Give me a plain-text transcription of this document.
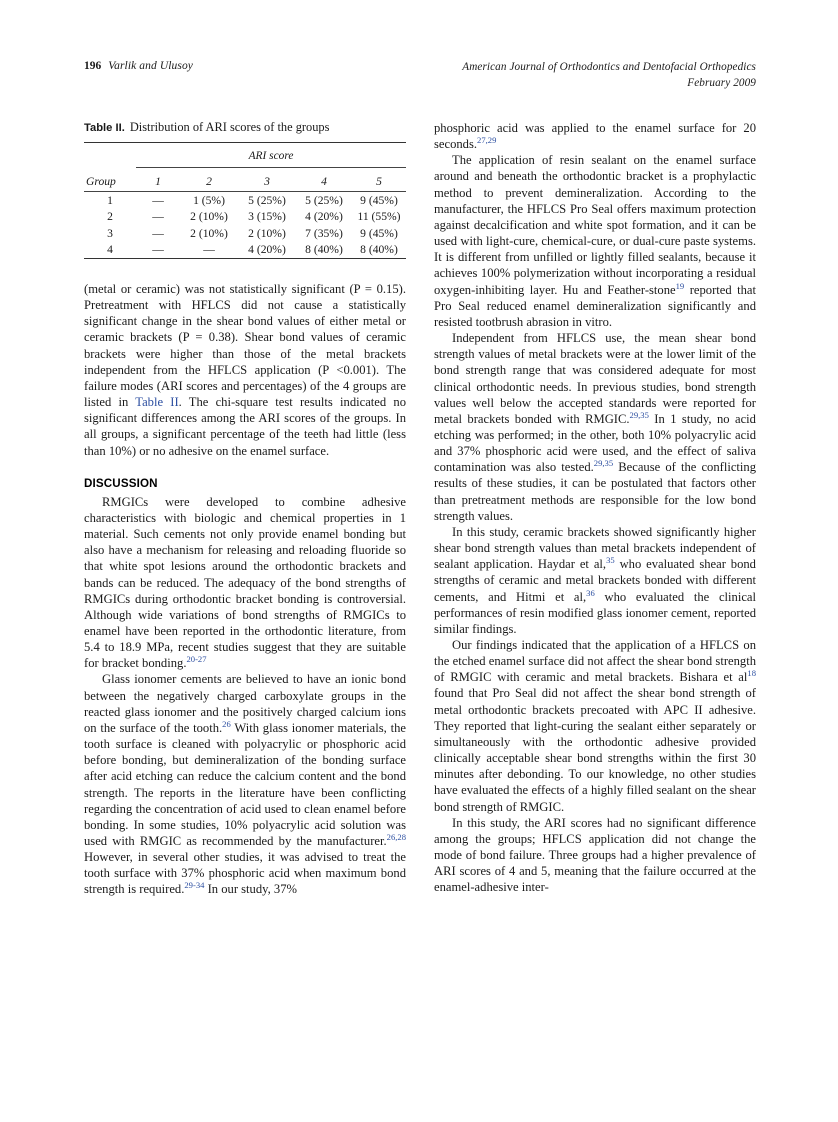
196 Varlik and Ulusoy	American Journal of Orthodontics and Dentofacial Orthopedics
February 2009
Table II. Distribution of ARI scores of the groups
	ARI score				

Group	1	2	3	4	5
1	—	1 (5%)	5 (25%)	5 (25%)	9 (45%)
2	—	2 (10%)	3 (15%)	4 (20%)	11 (55%)
3	—	2 (10%)	2 (10%)	7 (35%)	9 (45%)
4	—	—	4 (20%)	8 (40%)	8 (40%)

(metal or ceramic) was not statistically significant (P = 0.15). Pretreatment with HFLCS did not cause a statistically significant change in the shear bond values of either metal or ceramic brackets (P = 0.38). Shear bond values of ceramic brackets were higher than those of the metal brackets independent from the HFLCS application (P <0.001). The failure modes (ARI scores and percentages) of the 4 groups are listed in Table II. The chi-square test results indicated no significant differences among the ARI scores of the groups. In all groups, a significant percentage of the teeth had little (less than 10%) or no adhesive on the enamel surface.

DISCUSSION

RMGICs were developed to combine adhesive characteristics with biologic and chemical properties in 1 material. Such cements not only provide enamel bonding but also have a mechanism for releasing and reloading fluoride so that white spot lesions around the orthodontic brackets and bands can be reduced. The adequacy of the bond strengths of RMGICs during orthodontic bracket bonding is controversial. Although wide variations of bond strengths of RMGICs to enamel have been reported in the orthodontic literature, from 5.4 to 18.9 MPa, recent studies suggest that they are suitable for bracket bonding.$^{20-27}$

Glass ionomer cements are believed to have an ionic bond between the negatively charged carboxylate groups in the reacted glass ionomer and the positively charged calcium ions on the surface of the tooth.$^{26}$ With glass ionomer materials, the tooth surface is cleaned with polyacrylic or phosphoric acid before bonding, but demineralization of the bonding surface after acid etching can reduce the calcium content and the bond strength. The reports in the literature have been conflicting regarding the concentration of acid used to clean enamel before bonding. In some studies, 10% polyacrylic acid solution was used with RMGIC as recommended by the manufacturer.$^{26,28}$ However, in several other studies, it was advised to treat the tooth surface with 37% phosphoric acid when maximum bond strength is required.$^{29-34}$ In our study, 37%

phosphoric acid was applied to the enamel surface for 20 seconds.$^{27,29}$

The application of resin sealant on the enamel surface around and beneath the orthodontic bracket is a prophylactic method to prevent demineralization. According to the manufacturer, the HFLCS Pro Seal offers maximum protection against decalcification and white spot formation, and it can be used with light-cure, chemical-cure, or dual-cure paste systems. It is different from unfilled or lightly filled sealants, because it achieves 100% polymerization without incorporating a residual oxygen-inhibiting layer. Hu and Feather-stone$^{19}$ reported that Pro Seal reduced enamel demineralization significantly and resisted tootbrush abrasion in vitro.

Independent from HFLCS use, the mean shear bond strength values of metal brackets were at the lower limit of the bond strength range that was considered adequate for most clinical orthodontic needs. In previous studies, bond strength values well below the accepted standards were reported for metal brackets bonded with RMGIC.$^{29,35}$ In 1 study, no acid etching was performed; in the other, both 10% polyacrylic acid and 37% phosphoric acid were used, and the effect of saliva contamination was also tested.$^{29,35}$ Because of the conflicting results of these studies, it can be postulated that factors other than pretreatment methods are responsible for the low bond strength values.

In this study, ceramic brackets showed significantly higher shear bond strength values than metal brackets independent of sealant application. Haydar et al,$^{35}$ who evaluated shear bond strengths of ceramic and metal brackets bonded with different cements, and Hitmi et al,$^{36}$ who evaluated the clinical performances of resin modified glass ionomer cement, reported similar findings.

Our findings indicated that the application of a HFLCS on the etched enamel surface did not affect the shear bond strength of RMGIC with ceramic and metal brackets. Bishara et al$^{18}$ found that Pro Seal did not affect the shear bond strength of metal orthodontic brackets precoated with APC II adhesive. They reported that light-curing the sealant either separately or simultaneously with the orthodontic adhesive provided clinically acceptable shear bond strengths within the first 30 minutes after debonding. To our knowledge, no other studies have evaluated the effects of a highly filled sealant on the shear bond strength of RMGIC.

In this study, the ARI scores had no significant difference among the groups; HFLCS application did not change the mode of bond failure. Three groups had a higher prevalence of ARI scores of 4 and 5, meaning that the failure occurred at the enamel-adhesive inter-
